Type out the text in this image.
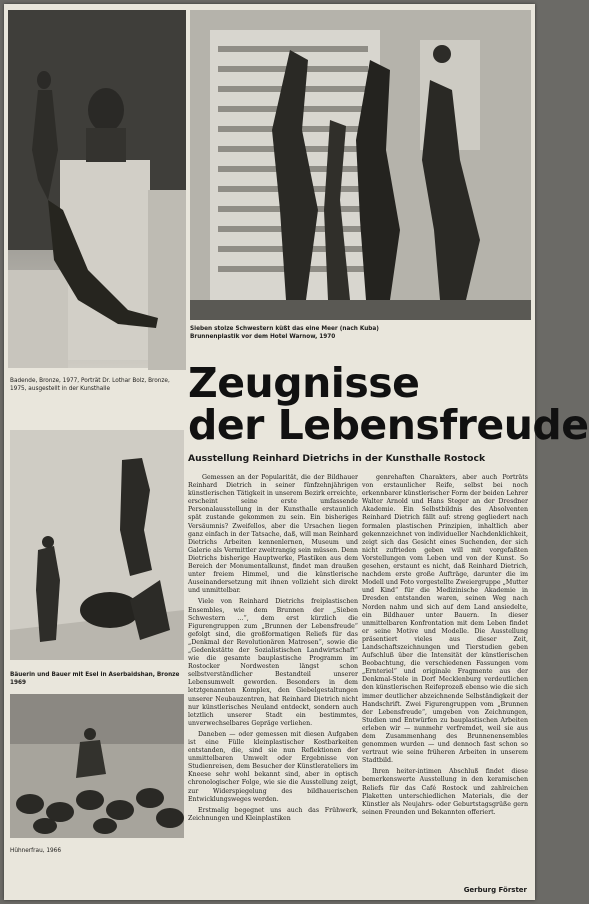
Sieben stolze Schwestern küßt das eine Meer (nach Kuba) Brunnenplastik vor dem Hotel Warnow, 1970
Badende, Bronze, 1977, Porträt Dr. Lothar Bolz, Bronze, 1975, ausgestellt in der Kunsthalle
Bäuerin und Bauer mit Esel in Aserbaidshan, Bronze 1969
Hühnerfrau, 1966
Zeugnisse
der Lebensfreude
Ausstellung Reinhard Dietrichs in der Kunsthalle Rostock

Gemessen an der Popularität, die der Bildhauer Reinhard Dietrich in seiner fünfzehnjährigen künstlerischen Tätigkeit in unserem Bezirk erreichte, erscheint seine erste umfassende Personalausstellung in der Kunsthalle erstaunlich spät zustande gekommen zu sein. Ein bisheriges Versäumnis? Zweifellos, aber die Ursachen liegen ganz einfach in der Tatsache, daß, will man Reinhard Dietrichs Arbeiten kennenlernen, Museum und Galerie als Vermittler zweitrangig sein müssen. Denn Dietrichs bisherige Hauptwerke, Plastiken aus dem Bereich der Monumentalkunst, findet man draußen unter freiem Himmel, und die künstlerische Auseinandersetzung mit ihnen vollzieht sich direkt und unmittelbar.

Viele von Reinhard Dietrichs freiplastischen Ensembles, wie dem Brunnen der „Sieben Schwestern …“, dem erst kürzlich die Figurengruppen zum „Brunnen der Lebensfreude“ gefolgt sind, die großformatigen Reliefs für das „Denkmal der Revolutionären Matrosen“, sowie die „Gedenkstätte der Sozialistischen Landwirtschaft“ wie die gesamte bauplastische Programm im Rostocker Nordwesten längst schon selbstverständlicher Bestandteil unserer Lebensumwelt geworden. Besonders in dem letztgenannten Komplex, den Giebelgestaltungen unserer Neubauzentren, hat Reinhard Dietrich nicht nur künstlerisches Neuland entdeckt, sondern auch letztlich unserer Stadt ein bestimmtes, unverwechselbares Gepräge verliehen.

Daneben — oder gemessen mit diesen Aufgaben ist eine Fülle kleinplastischer Kostbarkeiten entstanden, die, sind sie nun Reflektionen der unmittelbaren Umwelt oder Ergebnisse von Studienreisen, dem Besucher der Künstlerateliers im Kneese sehr wohl bekannt sind, aber in optisch chronologischer Folge, wie sie die Ausstellung zeigt, zur Widerspiegelung des bildhauerischen Entwicklungsweges werden.

Erstmalig begegnet uns auch das Frühwerk, Zeichnungen und Kleinplastiken

genrehaften Charakters, aber auch Porträts von erstaunlicher Reife, selbst bei noch erkennbarer künstlerischer Form der beiden Lehrer Walter Arnold und Hans Steger an der Dresdner Akademie. Ein Selbstbildnis des Absolventen Reinhard Dietrich fällt auf: streng gegliedert nach formalen plastischen Prinzipien, inhaltlich aber gekennzeichnet von individueller Nachdenklichkeit, zeigt sich das Gesicht eines Suchenden, der sich nicht zufrieden geben will mit vorgefaßten Vorstellungen vom Leben und von der Kunst. So gesehen, erstaunt es nicht, daß Reinhard Dietrich, nachdem erste große Aufträge, darunter die im Modell und Foto vorgestellte Zweiergruppe „Mutter und Kind“ für die Medizinische Akademie in Dresden entstanden waren, seinen Weg nach Norden nahm und sich auf dem Land ansiedelte, ein Bildhauer unter Bauern. In dieser unmittelbaren Konfrontation mit dem Leben findet er seine Motive und Modelle. Die Ausstellung präsentiert vieles aus dieser Zeit, Landschaftszeichnungen und Tierstudien geben Aufschluß über die Intensität der künstlerischen Beobachtung, die verschiedenen Fassungen vom „Ernteriel“ und originale Fragmente aus der Denkmal-Stele in Dorf Mecklenburg verdeutlichen den künstlerischen Reifeprozeß ebenso wie die sich immer deutlicher abzeichnende Selbständigkeit der Handschrift. Zwei Figurengruppen vom „Brunnen der Lebensfreude“, umgeben von Zeichnungen, Studien und Entwürfen zu bauplastischen Arbeiten erleben wir — nunmehr verfremdet, weil sie aus dem Zusammenhang des Brunnenensembles genommen wurden — und dennoch fast schon so vertraut wie seine früheren Arbeiten in unserem Stadtbild.

Ihren heiter-intimen Abschluß findet diese bemerkenswerte Ausstellung in den keramischen Reliefs für das Café Rostock und zahlreichen Plaketten unterschiedlichen Materials, die der Künstler als Neujahrs- oder Geburtstagsgrüße gern seinen Freunden und Bekannten offeriert.

Gerburg Förster
